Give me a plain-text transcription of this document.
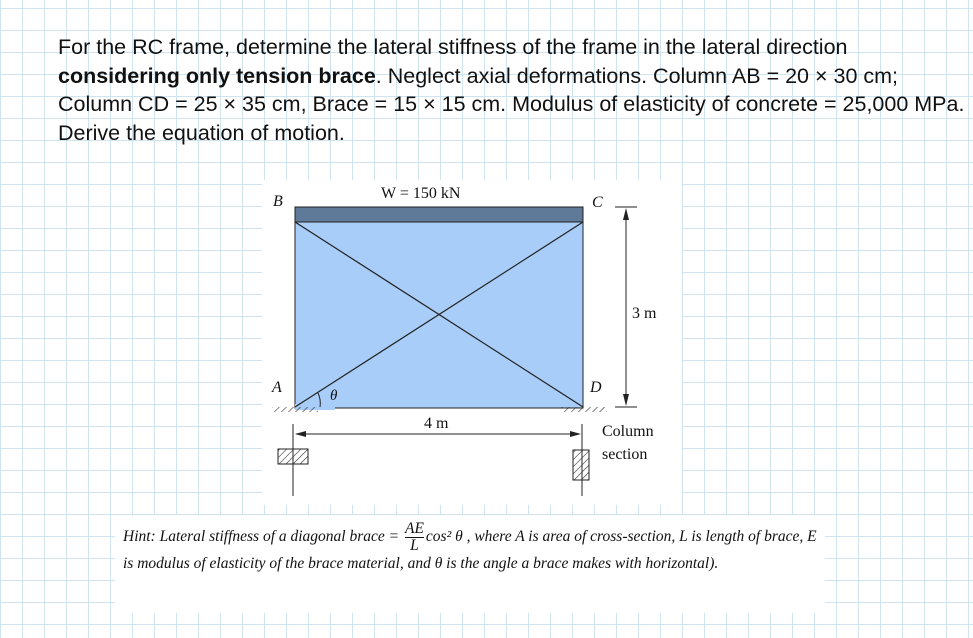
For the RC frame, determine the lateral stiffness of the frame in the lateral direction considering only tension brace. Neglect axial deformations. Column AB = 20 × 30 cm; Column CD = 25 × 35 cm, Brace = 15 × 15 cm. Modulus of elasticity of concrete = 25,000 MPa. Derive the equation of motion.
B	C
A	D
θ
W = 150 kN
4 m
3 m
Column
section
Hint: Lateral stiffness of a diagonal brace = $\frac{AE}{L} \cos^2$ θ , where A is area of cross-section, L is length of brace, E is modulus of elasticity of the brace material, and θ is the angle a brace makes with horizontal).
